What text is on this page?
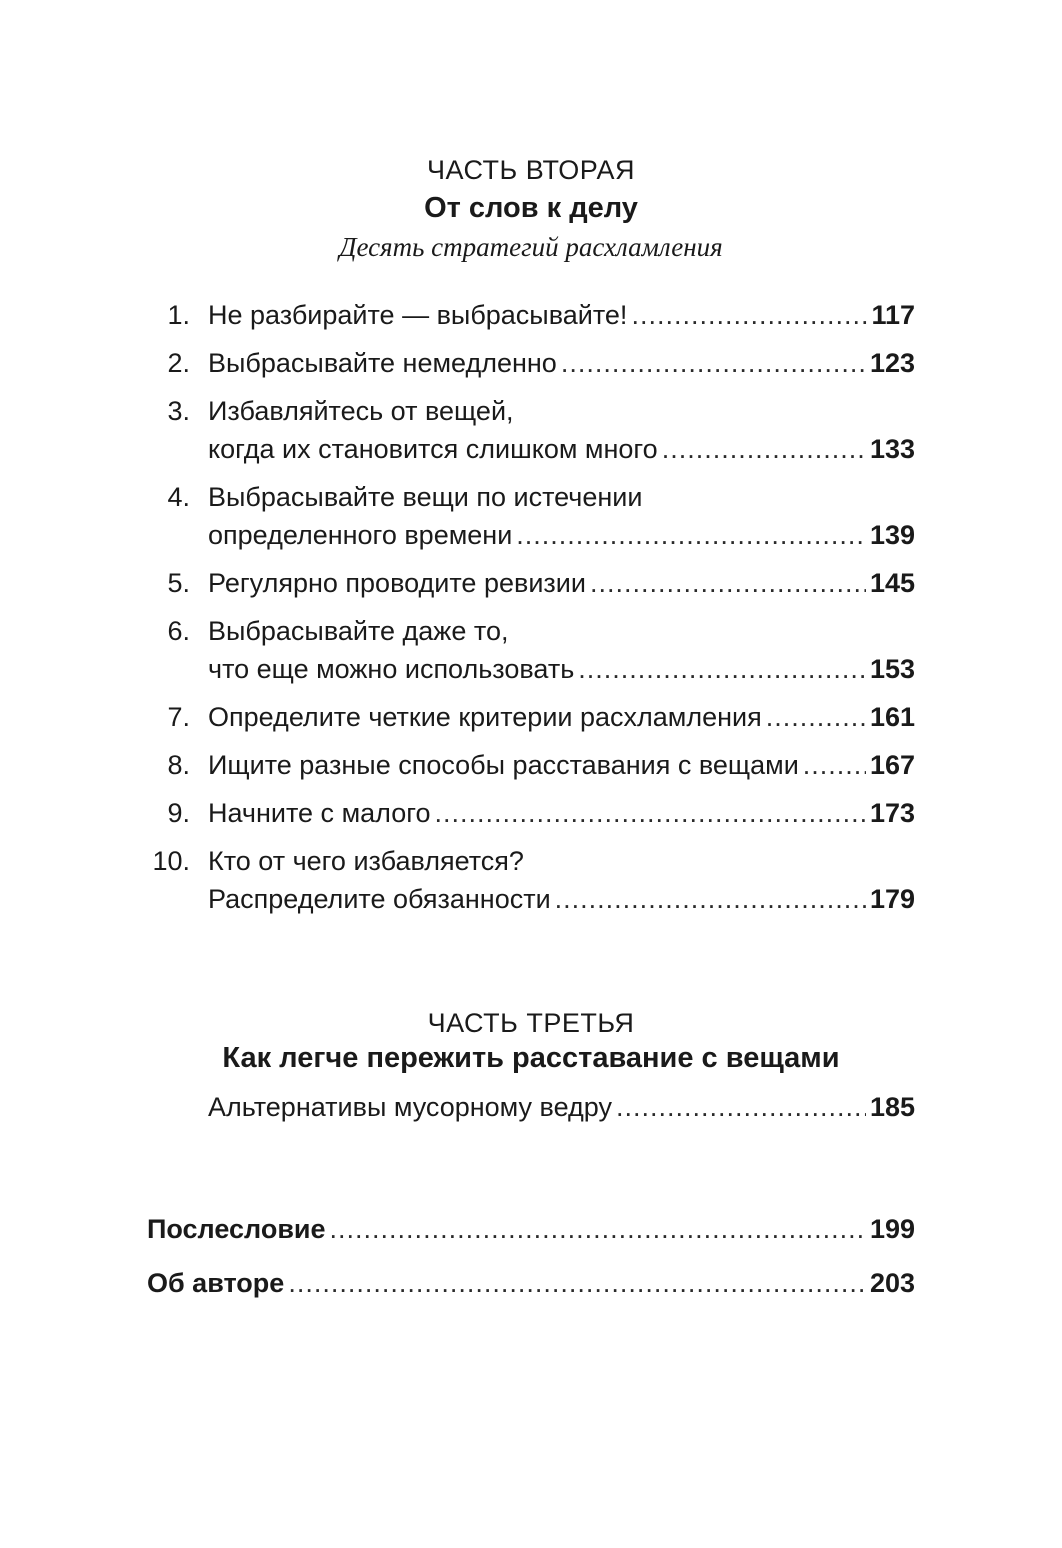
ЧАСТЬ ВТОРАЯ
От слов к делу
Десять стратегий расхламления
1. Не разбирайте — выбрасывайте! .....	117
2. Выбрасывайте немедленно .....	123
3. Избавляйтесь от вещей,
когда их становится слишком много .....	133
4. Выбрасывайте вещи по истечении
определенного времени .....	139
5. Регулярно проводите ревизии .....	145
6. Выбрасывайте даже то,
что еще можно использовать .....	153
7. Определите четкие критерии расхламления .....	161
8. Ищите разные способы расставания с вещами .....	167
9. Начните с малого .....	173
10. Кто от чего избавляется?
Распределите обязанности .....	179
ЧАСТЬ ТРЕТЬЯ
Как легче пережить расставание с вещами
Альтернативы мусорному ведру .....	185
Послесловие .....	199
Об авторе .....	203
